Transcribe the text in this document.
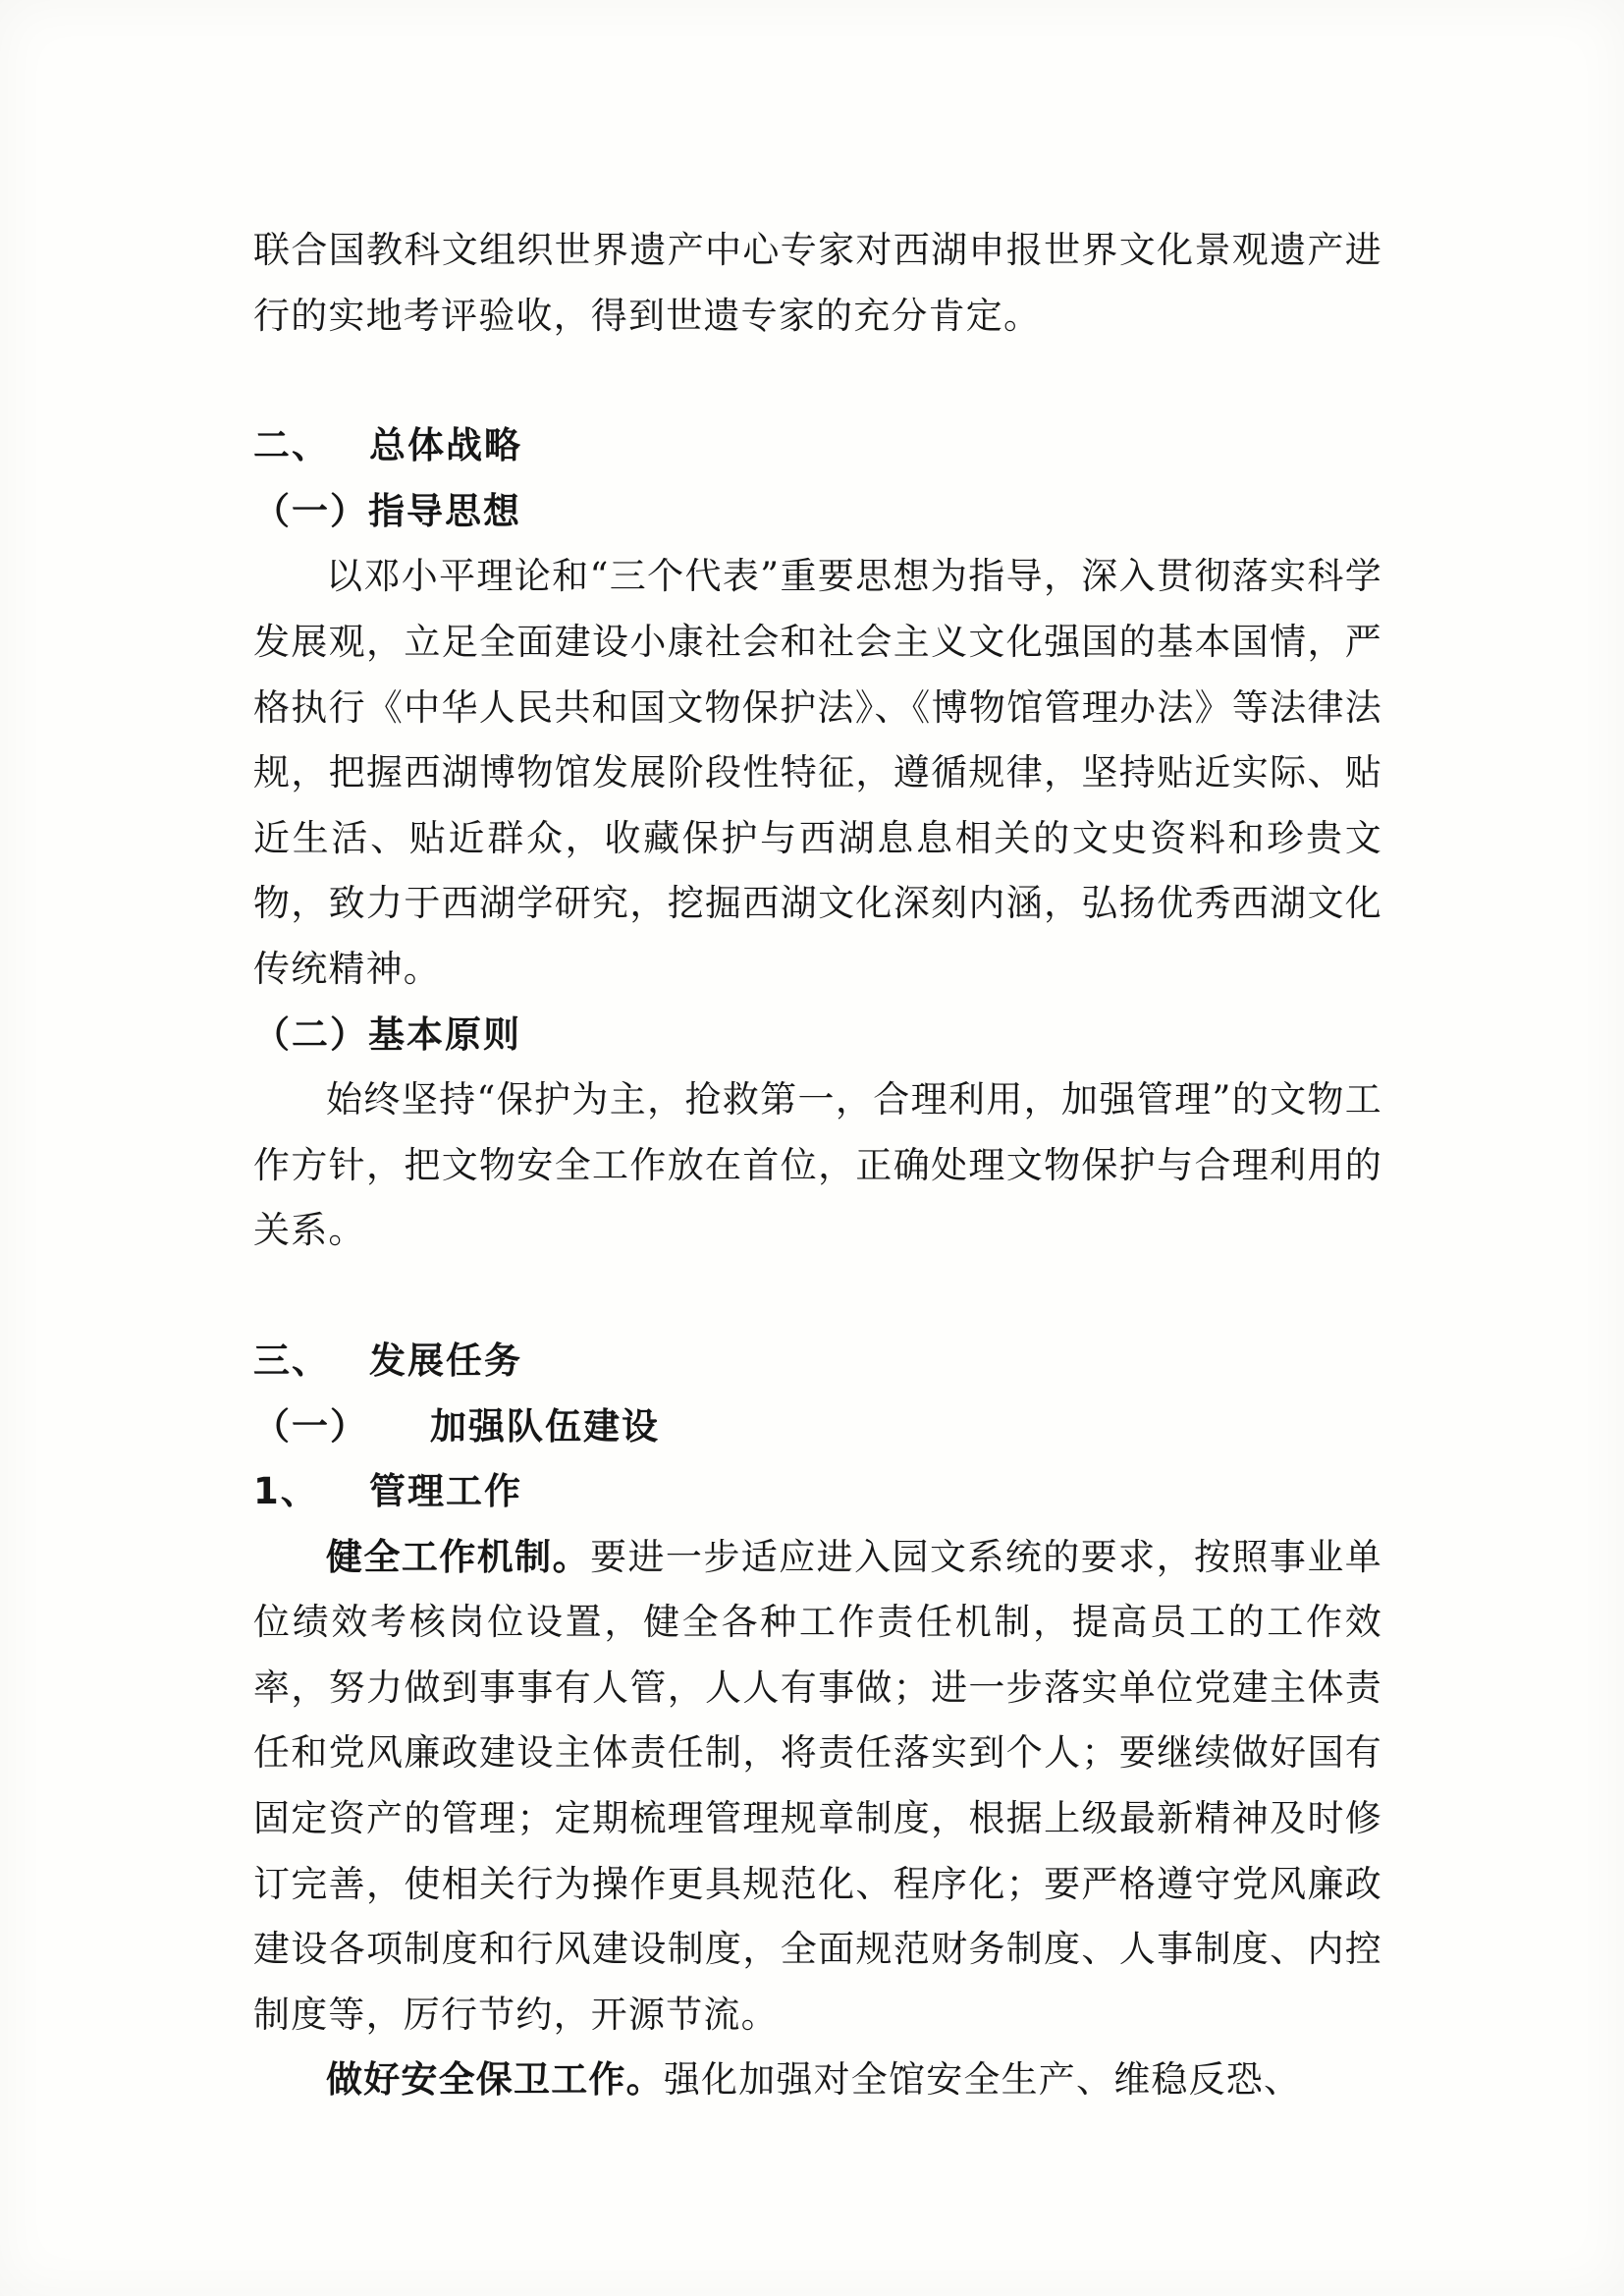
联合国教科文组织世界遗产中心专家对西湖申报世界文化景观遗产进行的实地考评验收，得到世遗专家的充分肯定。

二、 总体战略

（一）指导思想

以邓小平理论和“三个代表”重要思想为指导，深入贯彻落实科学发展观，立足全面建设小康社会和社会主义文化强国的基本国情，严格执行《中华人民共和国文物保护法》、《博物馆管理办法》等法律法规，把握西湖博物馆发展阶段性特征，遵循规律，坚持贴近实际、贴近生活、贴近群众，收藏保护与西湖息息相关的文史资料和珍贵文物，致力于西湖学研究，挖掘西湖文化深刻内涵，弘扬优秀西湖文化传统精神。

（二）基本原则

始终坚持“保护为主，抢救第一，合理利用，加强管理”的文物工作方针，把文物安全工作放在首位，正确处理文物保护与合理利用的关系。

三、 发展任务

（一） 加强队伍建设

1、 管理工作

健全工作机制。要进一步适应进入园文系统的要求，按照事业单位绩效考核岗位设置，健全各种工作责任机制，提高员工的工作效率，努力做到事事有人管，人人有事做；进一步落实单位党建主体责任和党风廉政建设主体责任制，将责任落实到个人；要继续做好国有固定资产的管理；定期梳理管理规章制度，根据上级最新精神及时修订完善，使相关行为操作更具规范化、程序化；要严格遵守党风廉政建设各项制度和行风建设制度，全面规范财务制度、人事制度、内控制度等，厉行节约，开源节流。

做好安全保卫工作。强化加强对全馆安全生产、维稳反恐、
